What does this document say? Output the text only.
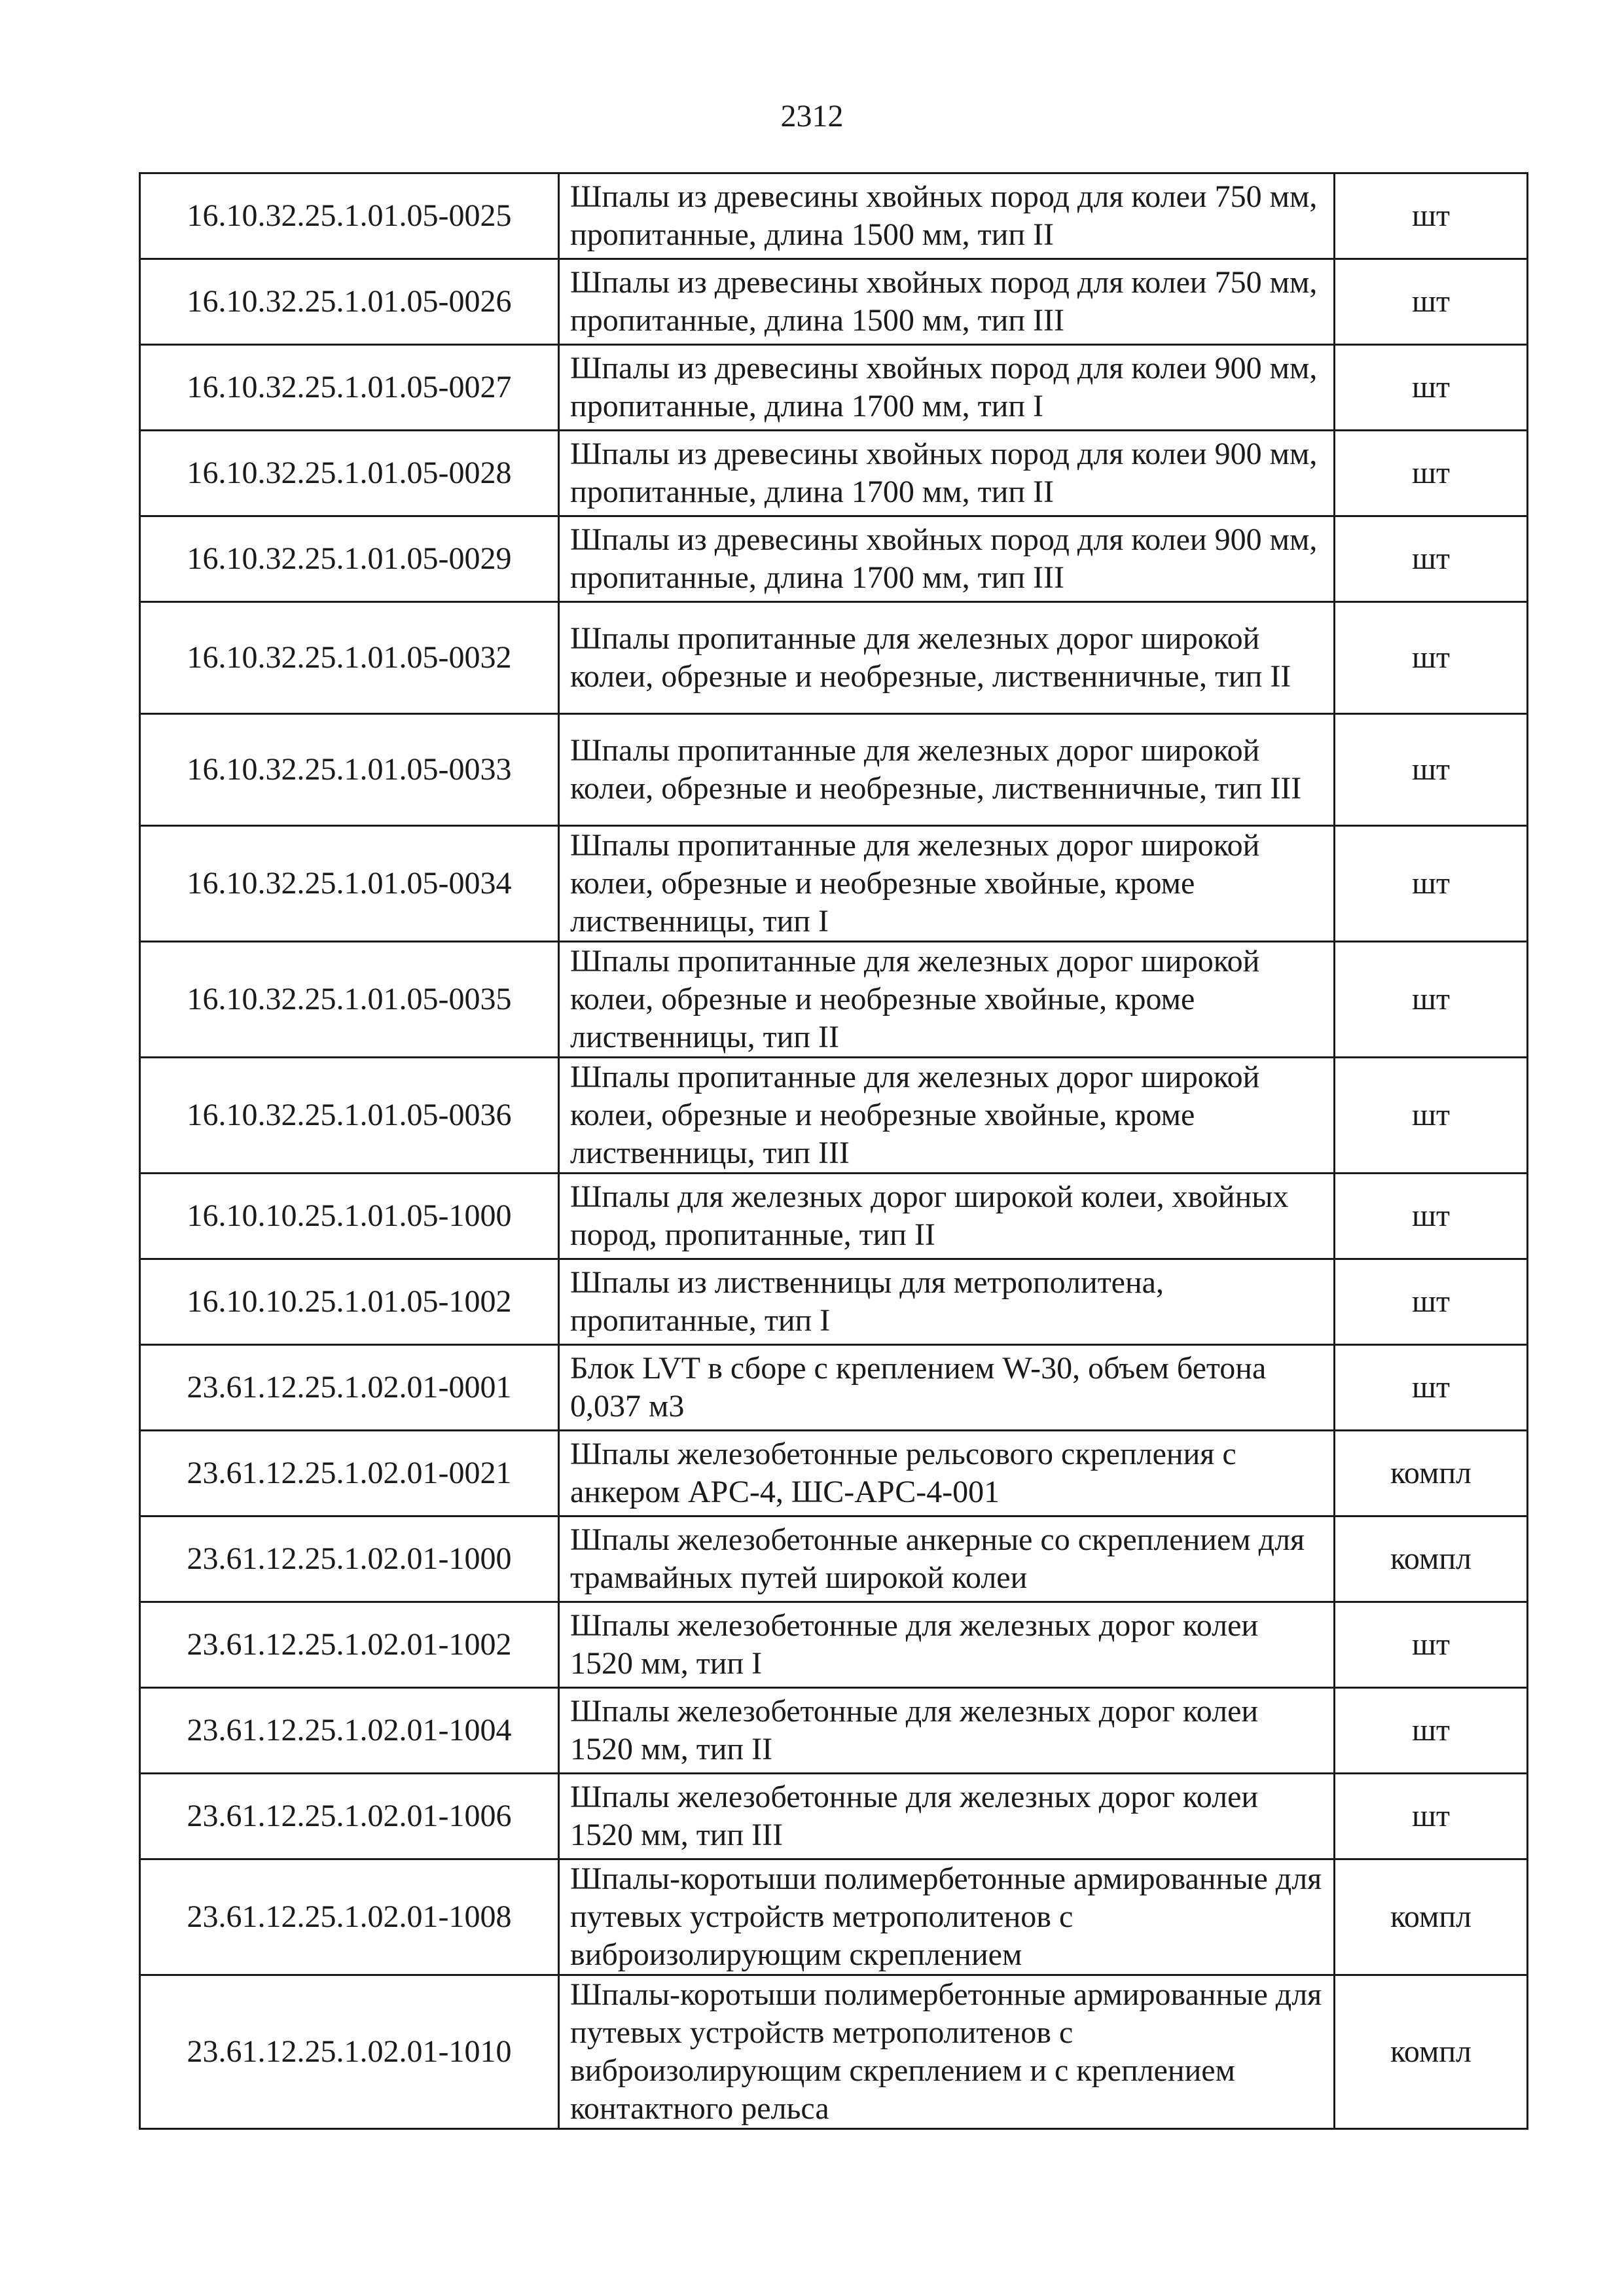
2312
16.10.32.25.1.01.05-0025	Шпалы из древесины хвойных пород для колеи 750 мм, пропитанные, длина 1500 мм, тип II	шт
16.10.32.25.1.01.05-0026	Шпалы из древесины хвойных пород для колеи 750 мм, пропитанные, длина 1500 мм, тип III	шт
16.10.32.25.1.01.05-0027	Шпалы из древесины хвойных пород для колеи 900 мм, пропитанные, длина 1700 мм, тип I	шт
16.10.32.25.1.01.05-0028	Шпалы из древесины хвойных пород для колеи 900 мм, пропитанные, длина 1700 мм, тип II	шт
16.10.32.25.1.01.05-0029	Шпалы из древесины хвойных пород для колеи 900 мм, пропитанные, длина 1700 мм, тип III	шт
16.10.32.25.1.01.05-0032	Шпалы пропитанные для железных дорог широкой колеи, обрезные и необрезные, лиственничные, тип II	шт
16.10.32.25.1.01.05-0033	Шпалы пропитанные для железных дорог широкой колеи, обрезные и необрезные, лиственничные, тип III	шт
16.10.32.25.1.01.05-0034	Шпалы пропитанные для железных дорог широкой колеи, обрезные и необрезные хвойные, кроме лиственницы, тип I	шт
16.10.32.25.1.01.05-0035	Шпалы пропитанные для железных дорог широкой колеи, обрезные и необрезные хвойные, кроме лиственницы, тип II	шт
16.10.32.25.1.01.05-0036	Шпалы пропитанные для железных дорог широкой колеи, обрезные и необрезные хвойные, кроме лиственницы, тип III	шт
16.10.10.25.1.01.05-1000	Шпалы для железных дорог широкой колеи, хвойных пород, пропитанные, тип II	шт
16.10.10.25.1.01.05-1002	Шпалы из лиственницы для метрополитена, пропитанные, тип I	шт
23.61.12.25.1.02.01-0001	Блок LVT в сборе с креплением W-30, объем бетона 0,037 м3	шт
23.61.12.25.1.02.01-0021	Шпалы железобетонные рельсового скрепления с анкером АРС-4, ШС-АРС-4-001	компл
23.61.12.25.1.02.01-1000	Шпалы железобетонные анкерные со скреплением для трамвайных путей широкой колеи	компл
23.61.12.25.1.02.01-1002	Шпалы железобетонные для железных дорог колеи 1520 мм, тип I	шт
23.61.12.25.1.02.01-1004	Шпалы железобетонные для железных дорог колеи 1520 мм, тип II	шт
23.61.12.25.1.02.01-1006	Шпалы железобетонные для железных дорог колеи 1520 мм, тип III	шт
23.61.12.25.1.02.01-1008	Шпалы-коротыши полимербетонные армированные для путевых устройств метрополитенов с виброизолирующим скреплением	компл
23.61.12.25.1.02.01-1010	Шпалы-коротыши полимербетонные армированные для путевых устройств метрополитенов с виброизолирующим скреплением и с креплением контактного рельса	компл
